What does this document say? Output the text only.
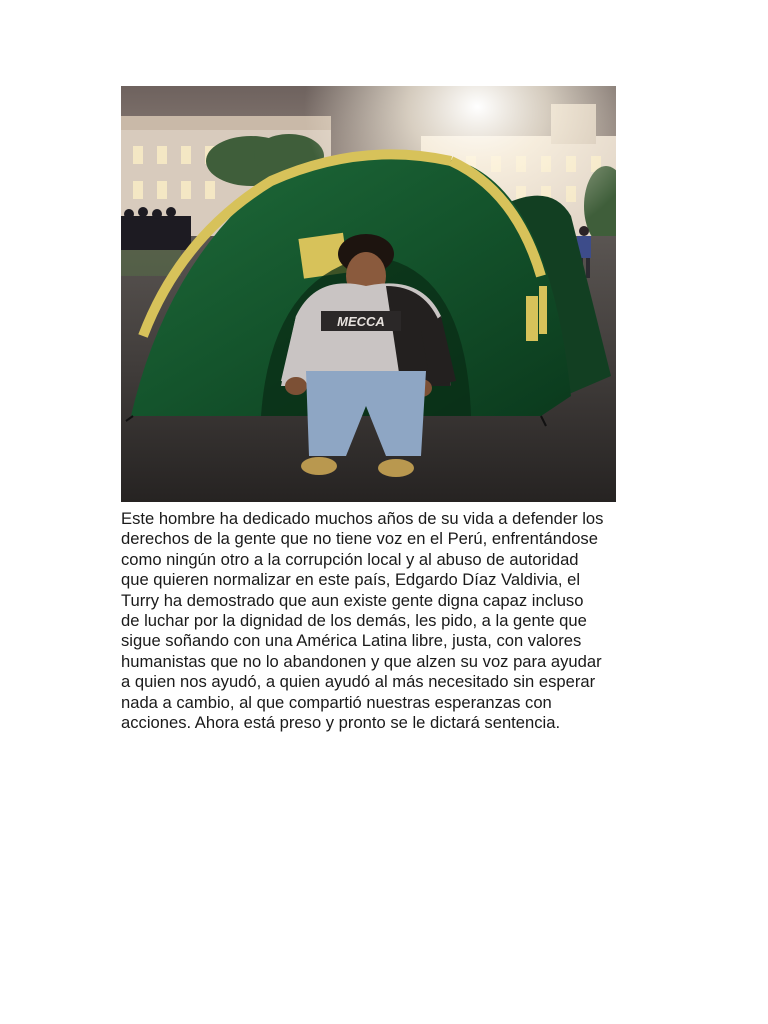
MECCA

Este hombre ha dedicado muchos años de su vida a defender los
derechos de la gente que no tiene voz en el Perú, enfrentándose
como ningún otro a la corrupción local y al abuso de autoridad
que quieren normalizar en este país, Edgardo Díaz Valdivia, el
Turry ha demostrado que aun existe gente digna capaz incluso
de luchar por la dignidad de los demás, les pido, a la gente que
sigue soñando con una América Latina libre, justa, con valores
humanistas que no lo abandonen y que alzen su voz para ayudar
a quien nos ayudó, a quien ayudó al más necesitado sin esperar
nada a cambio, al que compartió nuestras esperanzas con
acciones. Ahora está preso y pronto se le dictará sentencia.
